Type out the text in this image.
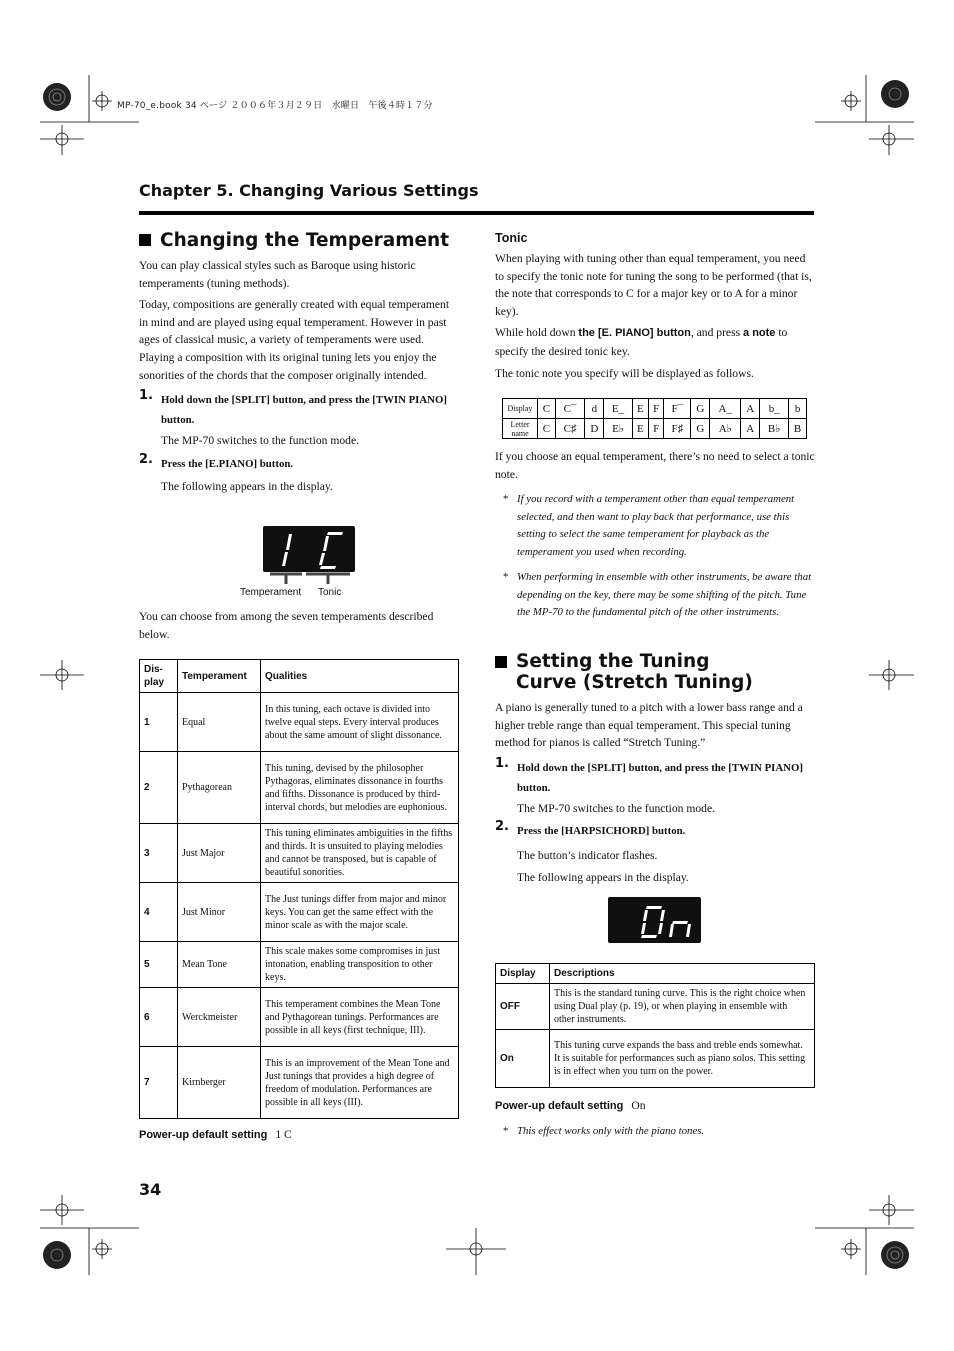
MP-70_e.book 34 ページ ２００６年３月２９日　水曜日　午後４時１７分
Chapter 5. Changing Various Settings
Changing the Temperament

You can play classical styles such as Baroque using historic temperaments (tuning methods).

Today, compositions are generally created with equal temperament in mind and are played using equal temperament. However in past ages of classical music, a variety of temperaments were used. Playing a composition with its original tuning lets you enjoy the sonorities of the chords that the composer originally intended.

1. Hold down the [SPLIT] button, and press the [TWIN PIANO] button.

The MP-70 switches to the function mode.

2. Press the [E.PIANO] button.

The following appears in the display.

Temperament Tonic

You can choose from among the seven temperaments described below.

Dis-play	Temperament	Qualities
1	Equal	In this tuning, each octave is divided into twelve equal steps. Every interval produces about the same amount of slight dissonance.
2	Pythagorean	This tuning, devised by the philosopher Pythagoras, eliminates dissonance in fourths and fifths. Dissonance is produced by third-interval chords, but melodies are euphonious.
3	Just Major	This tuning eliminates ambiguities in the fifths and thirds. It is unsuited to playing melodies and cannot be transposed, but is capable of beautiful sonorities.
4	Just Minor	The Just tunings differ from major and minor keys. You can get the same effect with the minor scale as with the major scale.
5	Mean Tone	This scale makes some compromises in just intonation, enabling transposition to other keys.
6	Werckmeister	This temperament combines the Mean Tone and Pythagorean tunings. Performances are possible in all keys (first technique, III).
7	Kirnberger	This is an improvement of the Mean Tone and Just tunings that provides a high degree of freedom of modulation. Performances are possible in all keys (III).
Power-up default setting 1 C
34
Tonic

When playing with tuning other than equal temperament, you need to specify the tonic note for tuning the song to be performed (that is, the note that corresponds to C for a major key or to A for a minor key).

While hold down the [E. PIANO] button, and press a note to specify the desired tonic key.

The tonic note you specify will be displayed as follows.

Display	C	C¯	d	E_	E	F	F¯	G	A_	A	b_	b
Letter name	C	C♯	D	E♭	E	F	F♯	G	A♭	A	B♭	B

If you choose an equal temperament, there’s no need to select a tonic note.

* If you record with a temperament other than equal temperament selected, and then want to play back that performance, use this setting to select the same temperament for playback as the temperament you used when recording.

* When performing in ensemble with other instruments, be aware that depending on the key, there may be some shifting of the pitch. Tune the MP-70 to the fundamental pitch of the other instruments.

Setting the Tuning Curve (Stretch Tuning)

A piano is generally tuned to a pitch with a lower bass range and a higher treble range than equal temperament. This special tuning method for pianos is called “Stretch Tuning.”

1. Hold down the [SPLIT] button, and press the [TWIN PIANO] button.

The MP-70 switches to the function mode.

2. Press the [HARPSICHORD] button.

The button’s indicator flashes.

The following appears in the display.

Display	Descriptions
OFF	This is the standard tuning curve. This is the right choice when using Dual play (p. 19), or when playing in ensemble with other instruments.
On	This tuning curve expands the bass and treble ends somewhat. It is suitable for performances such as piano solos. This setting is in effect when you turn on the power.
Power-up default setting On

* This effect works only with the piano tones.
